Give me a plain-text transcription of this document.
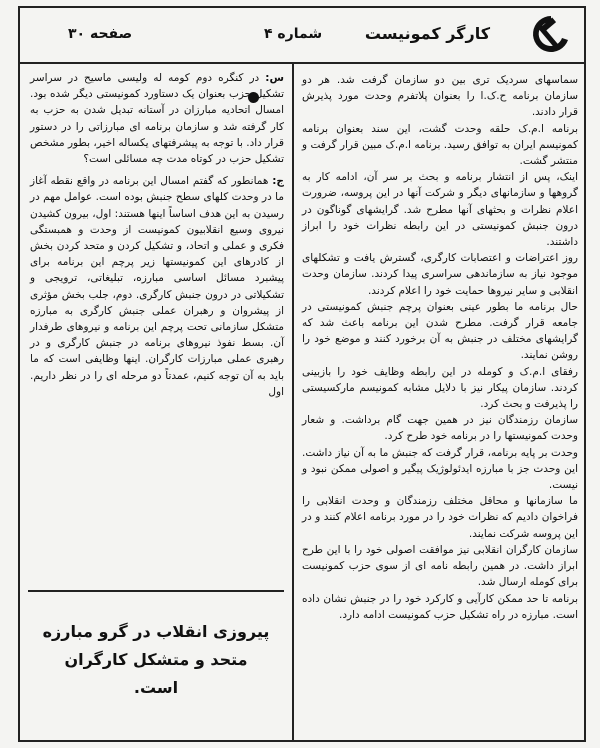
کارگر کمونیست
شماره ۴
صفحه ۳۰

سماسهای سردیک تری بین دو سازمان گرفت شد. هر دو سازمان برنامه ح.ک.ا را بعنوان پلاتفرم وحدت مورد پذیرش قرار دادند.

برنامه ا.م.ک حلقه وحدت گشت، این سند بعنوان برنامه کمونیسم ایران به توافق رسید. برنامه ا.م.ک مبین قرار گرفت و منتشر گشت.

اینک، پس از انتشار برنامه و بحث بر سر آن، ادامه کار به گروهها و سازمانهای دیگر و شرکت آنها در این پروسه، ضرورت اعلام نظرات و بحثهای آنها مطرح شد. گرایشهای گوناگون در درون جنبش کمونیستی در این رابطه نظرات خود را ابراز داشتند.

روز اعتراضات و اعتصابات کارگری، گسترش یافت و تشکلهای موجود نیاز به سازماندهی سراسری پیدا کردند. سازمان وحدت انقلابی و سایر نیروها حمایت خود را اعلام کردند.

حال برنامه ما بطور عینی بعنوان پرچم جنبش کمونیستی در جامعه قرار گرفت. مطرح شدن این برنامه باعث شد که گرایشهای مختلف در جنبش به آن برخورد کنند و موضع خود را روشن نمایند.

رفقای ا.م.ک و کومله در این رابطه وظایف خود را بازبینی کردند. سازمان پیکار نیز با دلایل مشابه کمونیسم مارکسیستی را پذیرفت و بحث کرد.

سازمان رزمندگان نیز در همین جهت گام برداشت. و شعار وحدت کمونیستها را در برنامه خود طرح کرد.

وحدت بر پایه برنامه، قرار گرفت که جنبش ما به آن نیاز داشت. این وحدت جز با مبارزه ایدئولوژیک پیگیر و اصولی ممکن نبود و نیست.

ما سازمانها و محافل مختلف رزمندگان و وحدت انقلابی را فراخوان دادیم که نظرات خود را در مورد برنامه اعلام کنند و در این پروسه شرکت نمایند.

سازمان کارگران انقلابی نیز موافقت اصولی خود را با این طرح ابراز داشت. در همین رابطه نامه ای از سوی حزب کمونیست برای کومله ارسال شد.

برنامه تا حد ممکن کارآیی و کارکرد خود را در جنبش نشان داده است. مبارزه در راه تشکیل حزب کمونیست ادامه دارد.

س: در کنگره دوم کومه له ولیسی ماسیح در سراسر تشکیل حزب بعنوان یک دستاورد کمونیستی دیگر شده بود. امسال اتحادیه مبارزان در آستانه تبدیل شدن به حزب به کار گرفته شد و سازمان برنامه ای مبارزاتی را در دستور قرار داد. با توجه به پیشرفتهای یکساله اخیر، بطور مشخص تشکیل حزب در کوتاه مدت چه مسائلی است؟

ج: همانطور که گفتم امسال این برنامه در واقع نقطه آغاز ما در وحدت کلهای سطح جنبش بوده است. عوامل مهم در رسیدن به این هدف اساساً اینها هستند: اول، بیرون کشیدن نیروی وسیع انقلابیون کمونیست از وحدت و همبستگی فکری و عملی و اتحاد، و تشکیل کردن و متحد کردن بخش از کادرهای این کمونیستها زیر پرچم این برنامه برای پیشبرد مسائل اساسی مبارزه، تبلیغاتی، ترویجی و تشکیلاتی در درون جنبش کارگری. دوم، جلب بخش مؤثری از پیشروان و رهبران عملی جنبش کارگری به مبارزه متشکل سازمانی تحت پرچم این برنامه و نیروهای طرفدار آن. بسط نفوذ نیروهای برنامه در جنبش کارگری و در رهبری عملی مبارزات کارگران. اینها وظایفی است که ما باید به آن توجه کنیم، عمدتاً دو مرحله ای را در نظر داریم. اول

پیروزی انقلاب در گرو مبارزه
متحد و متشکل کارگران
است.
